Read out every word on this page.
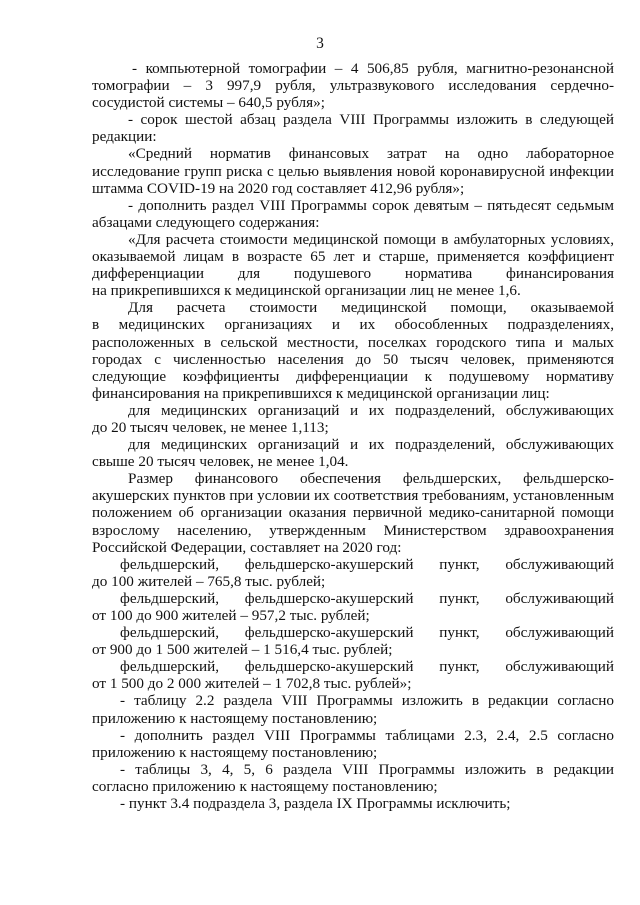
3
- компьютерной томографии – 4 506,85 рубля, магнитно-резонансной
томографии – 3 997,9 рубля, ультразвукового исследования сердечно-
сосудистой системы – 640,5 рубля»;
- сорок шестой абзац раздела VIII Программы изложить в следующей
редакции:
«Средний норматив финансовых затрат на одно лабораторное
исследование групп риска с целью выявления новой коронавирусной инфекции
штамма COVID-19 на 2020 год составляет 412,96 рубля»;
- дополнить раздел VIII Программы сорок девятым – пятьдесят седьмым
абзацами следующего содержания:
«Для расчета стоимости медицинской помощи в амбулаторных условиях,
оказываемой лицам в возрасте 65 лет и старше, применяется коэффициент
дифференциации для подушевого норматива финансирования
на прикрепившихся к медицинской организации лиц не менее 1,6.
Для расчета стоимости медицинской помощи, оказываемой
в медицинских организациях и их обособленных подразделениях,
расположенных в сельской местности, поселках городского типа и малых
городах с численностью населения до 50 тысяч человек, применяются
следующие коэффициенты дифференциации к подушевому нормативу
финансирования на прикрепившихся к медицинской организации лиц:
для медицинских организаций и их подразделений, обслуживающих
до 20 тысяч человек, не менее 1,113;
для медицинских организаций и их подразделений, обслуживающих
свыше 20 тысяч человек, не менее 1,04.
Размер финансового обеспечения фельдшерских, фельдшерско-
акушерских пунктов при условии их соответствия требованиям, установленным
положением об организации оказания первичной медико-санитарной помощи
взрослому населению, утвержденным Министерством здравоохранения
Российской Федерации, составляет на 2020 год:
фельдшерский, фельдшерско-акушерский пункт, обслуживающий
до 100 жителей – 765,8 тыс. рублей;
фельдшерский, фельдшерско-акушерский пункт, обслуживающий
от 100 до 900 жителей – 957,2 тыс. рублей;
фельдшерский, фельдшерско-акушерский пункт, обслуживающий
от 900 до 1 500 жителей – 1 516,4 тыс. рублей;
фельдшерский, фельдшерско-акушерский пункт, обслуживающий
от 1 500 до 2 000 жителей – 1 702,8 тыс. рублей»;
- таблицу 2.2 раздела VIII Программы изложить в редакции согласно
приложению к настоящему постановлению;
- дополнить раздел VIII Программы таблицами 2.3, 2.4, 2.5 согласно
приложению к настоящему постановлению;
- таблицы 3, 4, 5, 6 раздела VIII Программы изложить в редакции
согласно приложению к настоящему постановлению;
- пункт 3.4 подраздела 3, раздела IX Программы исключить;
